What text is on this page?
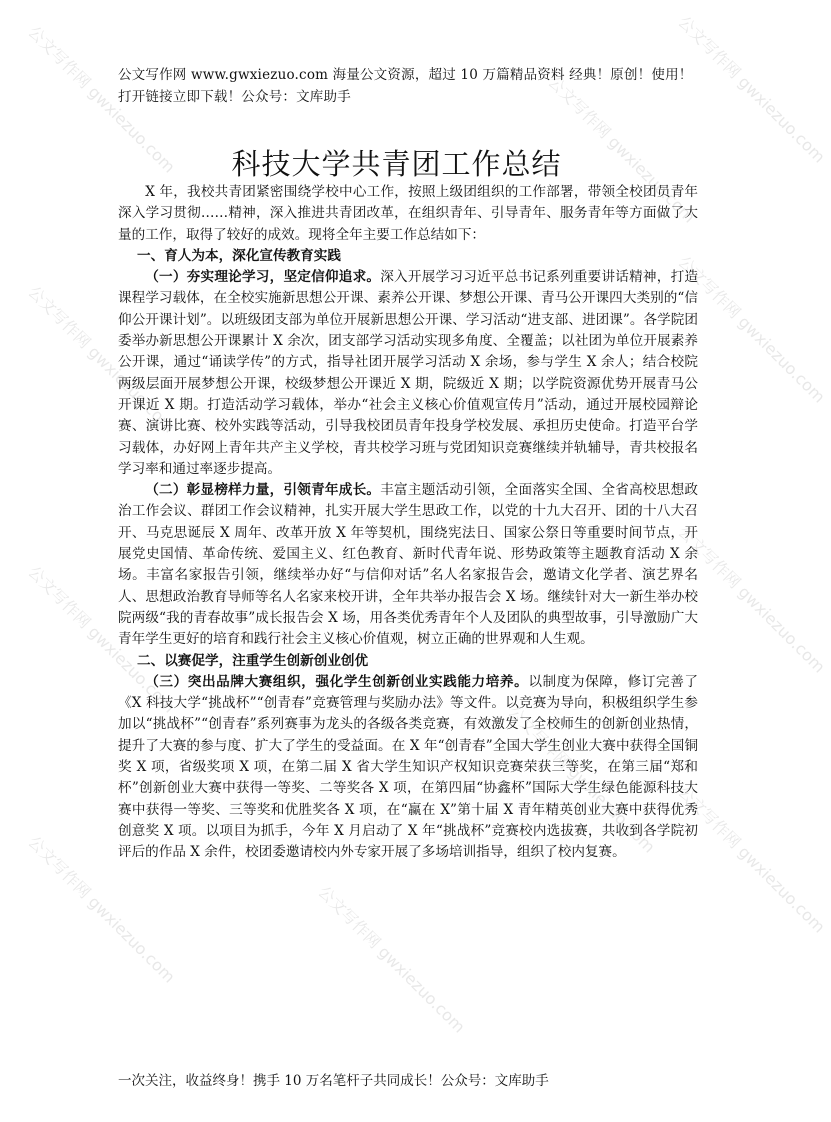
公文写作网 gwxiezuo.com
公文写作网 gwxiezuo.com
公文写作网 gwxiezuo.com
公文写作网 gwxiezuo.com
公文写作网 gwxiezuo.com
公文写作网 gwxiezuo.com
公文写作网 gwxiezuo.com
公文写作网 gwxiezuo.com
公文写作网 gwxiezuo.com
公文写作网 gwxiezuo.com	公文写作网 gwxiezuo.com
公文写作网 www.gwxiezuo.com 海量公文资源，超过 10 万篇精品资料 经典！原创！使用！打开链接立即下载！公众号：文库助手
科技大学共青团工作总结

X 年，我校共青团紧密围绕学校中心工作，按照上级团组织的工作部署，带领全校团员青年深入学习贯彻……精神，深入推进共青团改革，在组织青年、引导青年、服务青年等方面做了大量的工作，取得了较好的成效。现将全年主要工作总结如下：

一、育人为本，深化宣传教育实践

（一）夯实理论学习，坚定信仰追求。深入开展学习习近平总书记系列重要讲话精神，打造课程学习载体，在全校实施新思想公开课、素养公开课、梦想公开课、青马公开课四大类别的“信仰公开课计划”。以班级团支部为单位开展新思想公开课、学习活动“进支部、进团课”。各学院团委举办新思想公开课累计 X 余次，团支部学习活动实现多角度、全覆盖；以社团为单位开展素养公开课，通过“诵读学传”的方式，指导社团开展学习活动 X 余场，参与学生 X 余人；结合校院两级层面开展梦想公开课，校级梦想公开课近 X 期，院级近 X 期；以学院资源优势开展青马公开课近 X 期。打造活动学习载体，举办“社会主义核心价值观宣传月”活动，通过开展校园辩论赛、演讲比赛、校外实践等活动，引导我校团员青年投身学校发展、承担历史使命。打造平台学习载体，办好网上青年共产主义学校，青共校学习班与党团知识竞赛继续并轨辅导，青共校报名学习率和通过率逐步提高。

（二）彰显榜样力量，引领青年成长。丰富主题活动引领，全面落实全国、全省高校思想政治工作会议、群团工作会议精神，扎实开展大学生思政工作，以党的十九大召开、团的十八大召开、马克思诞辰 X 周年、改革开放 X 年等契机，围绕宪法日、国家公祭日等重要时间节点，开展党史国情、革命传统、爱国主义、红色教育、新时代青年说、形势政策等主题教育活动 X 余场。丰富名家报告引领，继续举办好“与信仰对话”名人名家报告会，邀请文化学者、演艺界名人、思想政治教育导师等名人名家来校开讲，全年共举办报告会 X 场。继续针对大一新生举办校院两级“我的青春故事”成长报告会 X 场，用各类优秀青年个人及团队的典型故事，引导激励广大青年学生更好的培育和践行社会主义核心价值观，树立正确的世界观和人生观。

二、以赛促学，注重学生创新创业创优

（三）突出品牌大赛组织，强化学生创新创业实践能力培养。以制度为保障，修订完善了《X 科技大学“挑战杯”“创青春”竞赛管理与奖励办法》等文件。以竞赛为导向，积极组织学生参加以“挑战杯”“创青春”系列赛事为龙头的各级各类竞赛，有效激发了全校师生的创新创业热情，提升了大赛的参与度、扩大了学生的受益面。在 X 年“创青春”全国大学生创业大赛中获得全国铜奖 X 项，省级奖项 X 项，在第二届 X 省大学生知识产权知识竞赛荣获三等奖，在第三届“郑和杯”创新创业大赛中获得一等奖、二等奖各 X 项，在第四届“协鑫杯”国际大学生绿色能源科技大赛中获得一等奖、三等奖和优胜奖各 X 项，在“赢在 X”第十届 X 青年精英创业大赛中获得优秀创意奖 X 项。以项目为抓手，今年 X 月启动了 X 年“挑战杯”竞赛校内选拔赛，共收到各学院初评后的作品 X 余件，校团委邀请校内外专家开展了多场培训指导，组织了校内复赛。

一次关注，收益终身！携手 10 万名笔杆子共同成长！公众号：文库助手
